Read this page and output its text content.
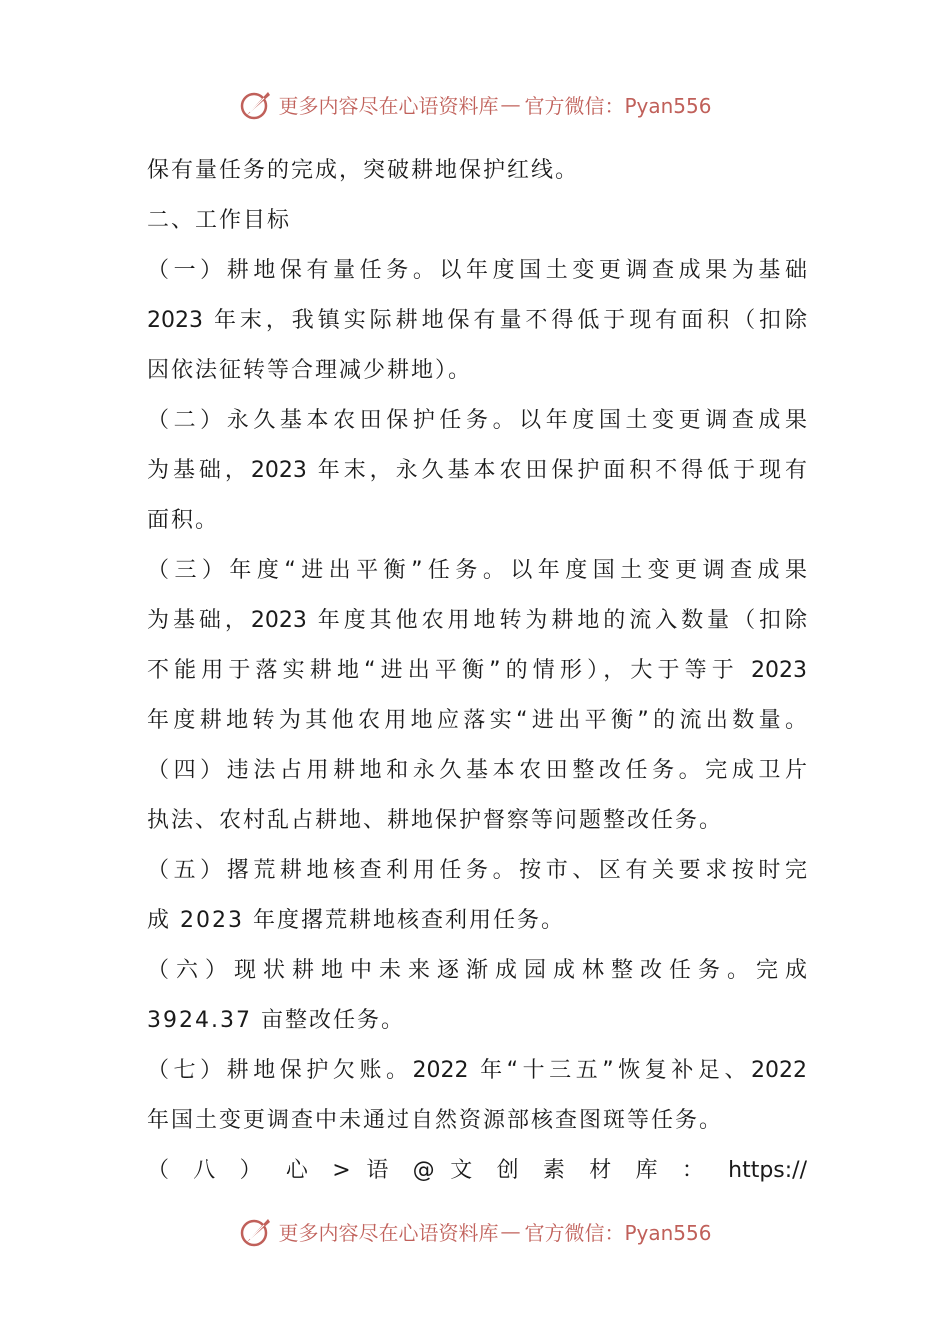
更多内容尽在心语资料库 — 官方微信：Pyan556
保有量任务的完成，突破耕地保护红线。
二、工作目标
（一）耕地保有量任务。以年度国土变更调查成果为基础
2023 年末，我镇实际耕地保有量不得低于现有面积（扣除
因依法征转等合理减少耕地）。
（二）永久基本农田保护任务。以年度国土变更调查成果
为基础，2023 年末，永久基本农田保护面积不得低于现有
面积。
（三）年度“进出平衡”任务。以年度国土变更调查成果
为基础，2023 年度其他农用地转为耕地的流入数量（扣除
不能用于落实耕地“进出平衡”的情形），大于等于 2023
年度耕地转为其他农用地应落实“进出平衡”的流出数量。
（四）违法占用耕地和永久基本农田整改任务。完成卫片
执法、农村乱占耕地、耕地保护督察等问题整改任务。
（五）撂荒耕地核查利用任务。按市、区有关要求按时完
成 2023 年度撂荒耕地核查利用任务。
（六）现状耕地中未来逐渐成园成林整改任务。完成
3924.37 亩整改任务。
（七）耕地保护欠账。2022 年“十三五”恢复补足、2022
年国土变更调查中未通过自然资源部核查图斑等任务。
（ 八 ） 心 > 语 @ 文 创 素 材 库 ： https://
更多内容尽在心语资料库 — 官方微信：Pyan556
